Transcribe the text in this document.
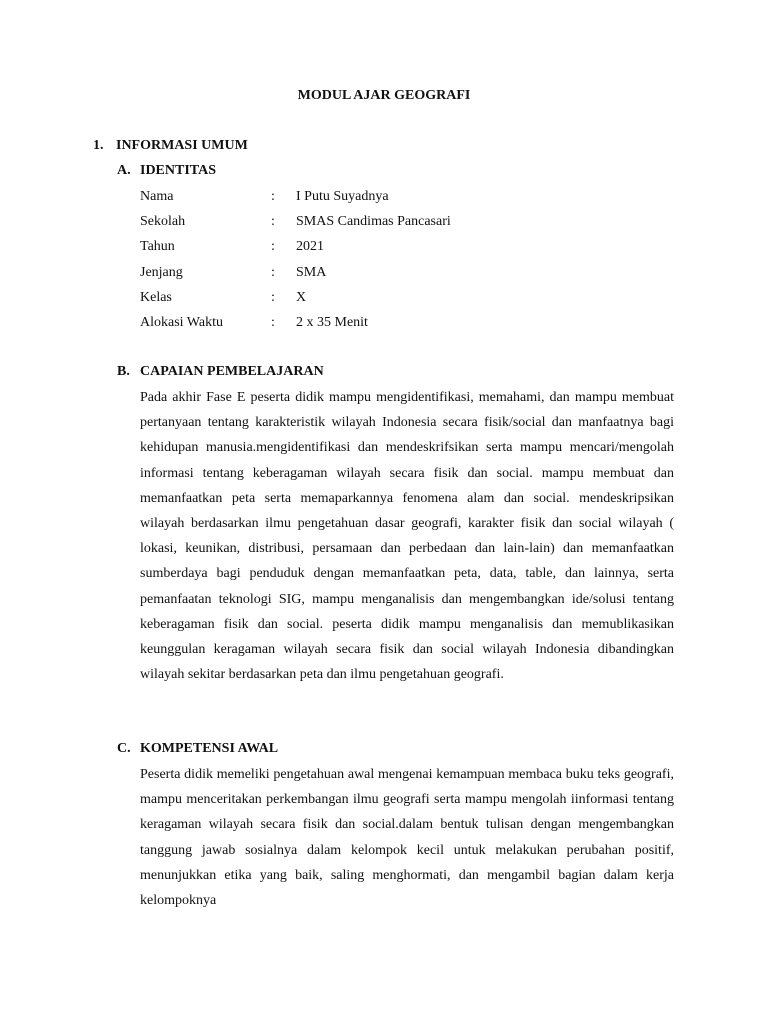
MODUL AJAR GEOGRAFI
1. INFORMASI UMUM
A. IDENTITAS
Nama	: I Putu Suyadnya
Sekolah	: SMAS Candimas Pancasari
Tahun	: 2021
Jenjang	: SMA
Kelas	: X
Alokasi Waktu	: 2 x 35 Menit
B. CAPAIAN PEMBELAJARAN
Pada akhir Fase E peserta didik mampu mengidentifikasi, memahami, dan mampu membuat pertanyaan tentang karakteristik wilayah Indonesia secara fisik/social dan manfaatnya bagi kehidupan manusia.mengidentifikasi dan mendeskrifsikan serta mampu mencari/mengolah informasi tentang keberagaman wilayah secara fisik dan social. mampu membuat dan memanfaatkan peta serta memaparkannya fenomena alam dan social. mendeskripsikan wilayah berdasarkan ilmu pengetahuan dasar geografi, karakter fisik dan social wilayah ( lokasi, keunikan, distribusi, persamaan dan perbedaan dan lain-lain) dan memanfaatkan sumberdaya bagi penduduk dengan memanfaatkan peta, data, table, dan lainnya, serta pemanfaatan teknologi SIG, mampu menganalisis dan mengembangkan ide/solusi tentang keberagaman fisik dan social. peserta didik mampu menganalisis dan memublikasikan keunggulan keragaman wilayah secara fisik dan social wilayah Indonesia dibandingkan wilayah sekitar berdasarkan peta dan ilmu pengetahuan geografi.
C. KOMPETENSI AWAL
Peserta didik memeliki pengetahuan awal mengenai kemampuan membaca buku teks geografi, mampu menceritakan perkembangan ilmu geografi serta mampu mengolah iinformasi tentang keragaman wilayah secara fisik dan social.dalam bentuk tulisan dengan mengembangkan tanggung jawab sosialnya dalam kelompok kecil untuk melakukan perubahan positif, menunjukkan etika yang baik, saling menghormati, dan mengambil bagian dalam kerja kelompoknya
